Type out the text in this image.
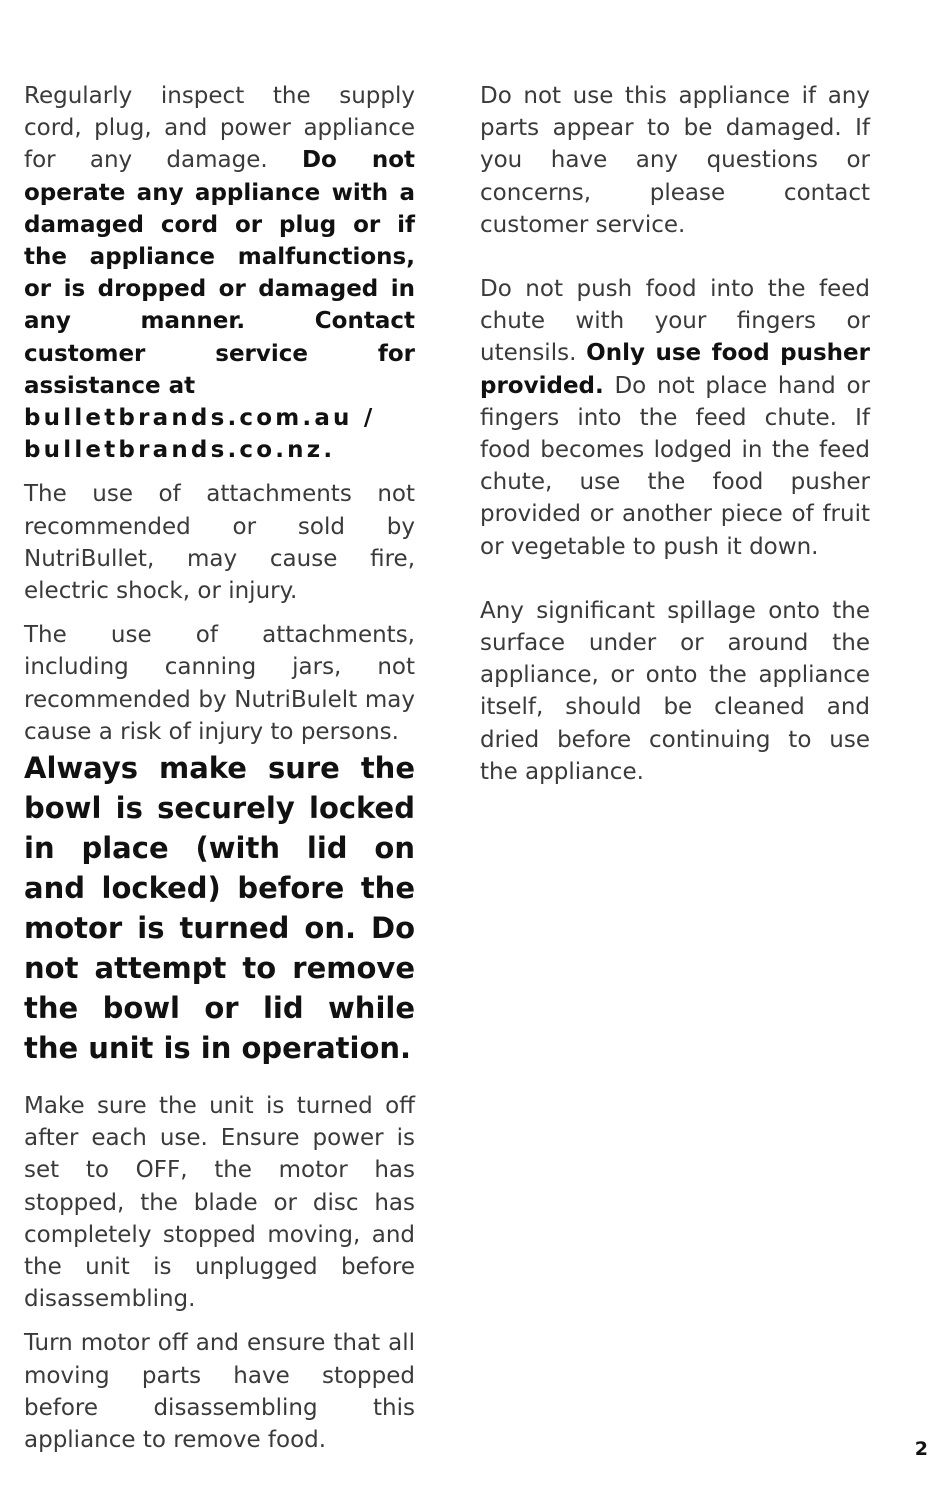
Regularly inspect the supply cord, plug, and power appliance for any damage. Do not operate any appliance with a damaged cord or plug or if the appliance malfunctions, or is dropped or damaged in any manner. Contact customer service for assistance at
bulletbrands.com.au /
bulletbrands.co.nz.

The use of attachments not recommended or sold by NutriBullet, may cause fire, electric shock, or injury.

The use of attachments, including canning jars, not recommended by NutriBulelt may cause a risk of injury to persons.

Always make sure the bowl is securely locked in place (with lid on and locked) before the motor is turned on. Do not attempt to remove the bowl or lid while the unit is in operation.

Make sure the unit is turned off after each use. Ensure power is set to OFF, the motor has stopped, the blade or disc has completely stopped moving, and the unit is unplugged before disassembling.

Turn motor off and ensure that all moving parts have stopped before disassembling this appliance to remove food.

Do not use this appliance if any parts appear to be damaged. If you have any questions or concerns, please contact customer service.

Do not push food into the feed chute with your fingers or utensils. Only use food pusher provided. Do not place hand or fingers into the feed chute. If food becomes lodged in the feed chute, use the food pusher provided or another piece of fruit or vegetable to push it down.

Any significant spillage onto the surface under or around the appliance, or onto the appliance itself, should be cleaned and dried before continuing to use the appliance.

2
